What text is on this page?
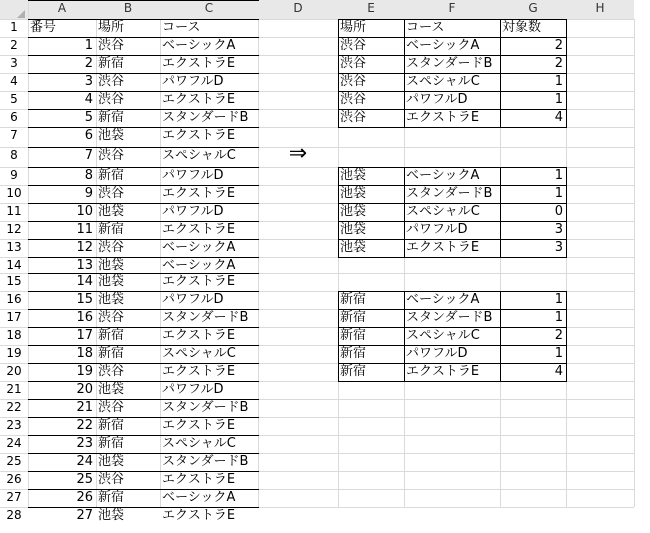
A	B	C	D	E	F	G	H
1
2
3
4
5
6
7
8
9
10
11
12
13
14
15
16
17
18
19
20
21
22
23
24
25
26
27
28
番号	場所	コース
1 渋谷	ベーシックA
2 新宿	エクストラE
3 渋谷	パワフルD
4 渋谷	エクストラE
5 新宿	スタンダードB
6 池袋	エクストラE
7 渋谷	スペシャルC
8 新宿	パワフルD
9 渋谷	エクストラE
10 池袋	パワフルD
11 新宿	エクストラE
12 渋谷	ベーシックA
13 池袋	ベーシックA
14 池袋	エクストラE
15 池袋	パワフルD
16 渋谷	スタンダードB
17 新宿	エクストラE
18 新宿	スペシャルC
19 渋谷	エクストラE
20 池袋	パワフルD
21 渋谷	スタンダードB
22 新宿	エクストラE
23 新宿	スペシャルC
24 池袋	スタンダードB
25 渋谷	エクストラE
26 新宿	ベーシックA
27 池袋	エクストラE
⇒
場所	コース	対象数
渋谷	ベーシックA	2
渋谷	スタンダードB	2
渋谷	スペシャルC	1
渋谷	パワフルD	1
渋谷	エクストラE	4
池袋	ベーシックA	1
池袋	スタンダードB	1
池袋	スペシャルC	0
池袋	パワフルD	3
池袋	エクストラE	3
新宿	ベーシックA	1
新宿	スタンダードB	1
新宿	スペシャルC	2
新宿	パワフルD	1
新宿	エクストラE	4
